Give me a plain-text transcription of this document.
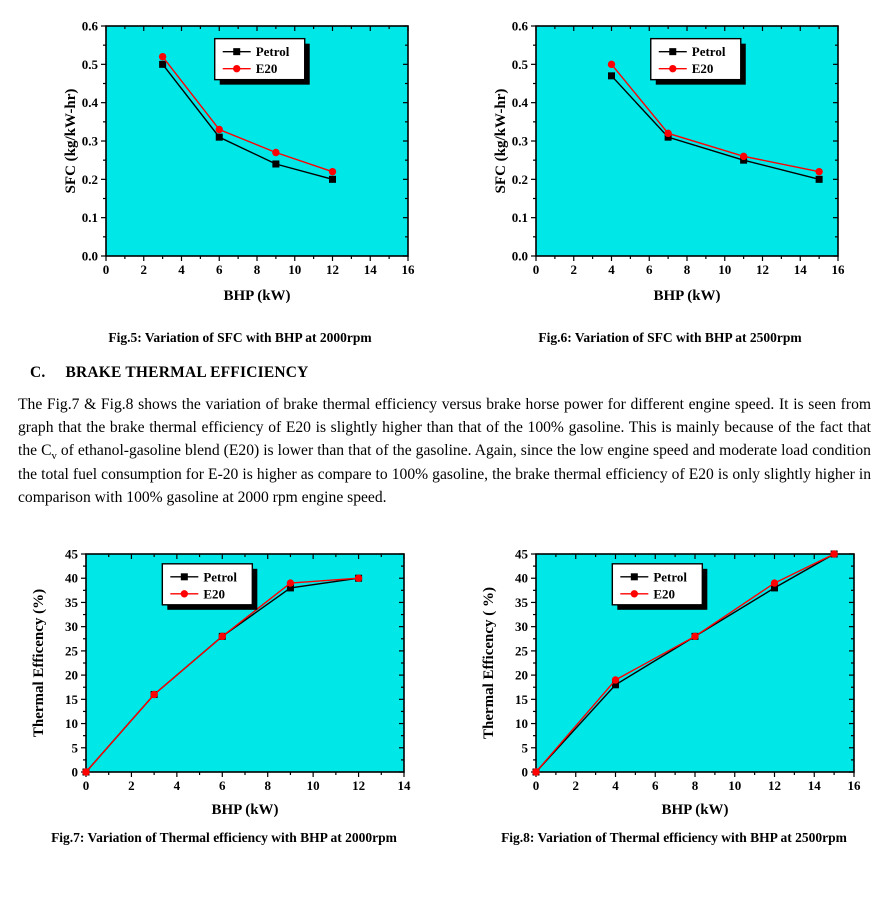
0 2 4 6 8 10 12 14 16
0.0
0.1
0.2
0.3
0.4
0.5
0.6
BHP (kW)
SFC (kg/kW-hr)
Petrol
E20
Fig.5: Variation of SFC with BHP at 2000rpm
0 2 4 6 8 10 12 14 16
0.0
0.1
0.2
0.3
0.4
0.5
0.6
BHP (kW)
SFC (kg/kW-hr)
Petrol
E20
Fig.6: Variation of SFC with BHP at 2500rpm
C. BRAKE THERMAL EFFICIENCY

The Fig.7 & Fig.8 shows the variation of brake thermal efficiency versus brake horse power for different engine speed. It is seen from graph that the brake thermal efficiency of E20 is slightly higher than that of the 100% gasoline. This is mainly because of the fact that the $C_v$ of ethanol-gasoline blend (E20) is lower than that of the gasoline. Again, since the low engine speed and moderate load condition the total fuel consumption for E-20 is higher as compare to 100% gasoline, the brake thermal efficiency of E20 is only slightly higher in comparison with 100% gasoline at 2000 rpm engine speed.

0	2	4	6	8	10 12 14
0
5
10
15
20
25
30
35
40
45
BHP (kW)
Thermal Efficency (%)
Petrol
E20
Fig.7: Variation of Thermal efficiency with BHP at 2000rpm
0	2	4	6	8 10 12 14 16
0
5
10
15
20
25
30
35
40
45
BHP (kW)
Thermal Efficency ( %)
Petrol
E20
Fig.8: Variation of Thermal efficiency with BHP at 2500rpm
